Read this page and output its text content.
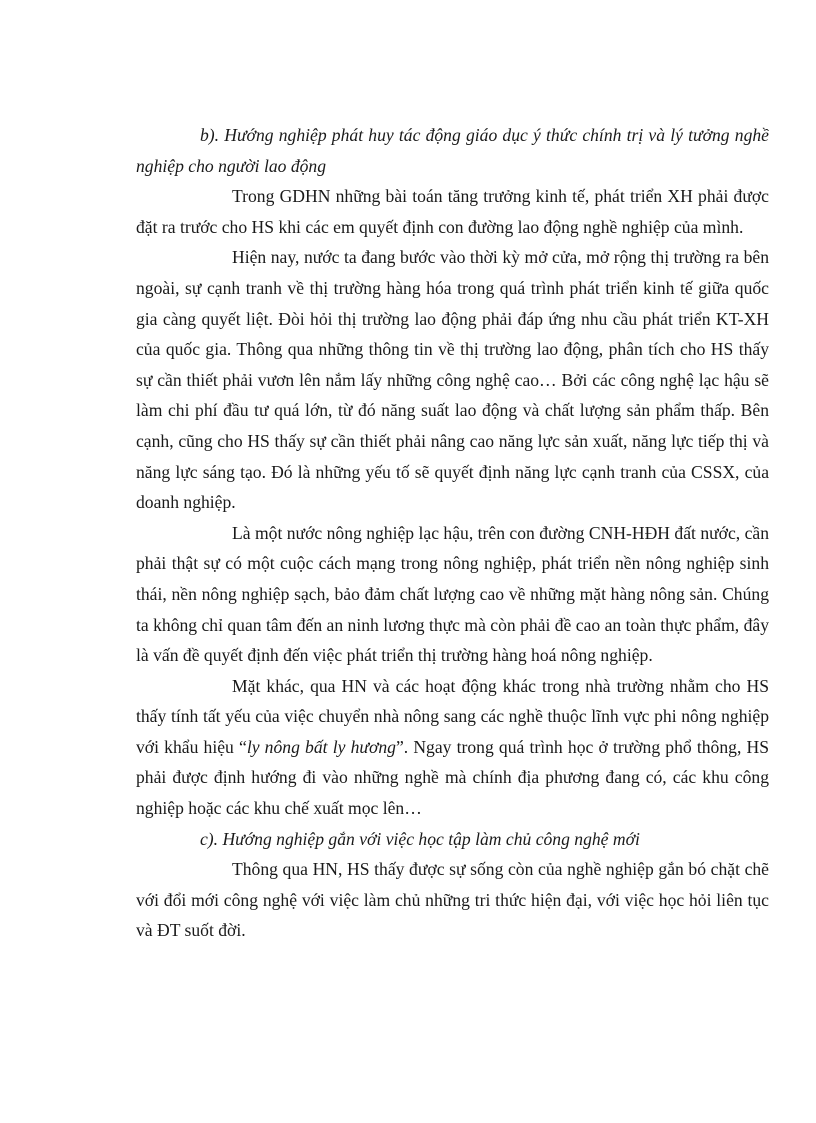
b). Hướng nghiệp phát huy tác động giáo dục ý thức chính trị và lý tưởng nghề nghiệp cho người lao động

Trong GDHN những bài toán tăng trưởng kinh tế, phát triển XH phải được đặt ra trước cho HS khi các em quyết định con đường lao động nghề nghiệp của mình.

Hiện nay, nước ta đang bước vào thời kỳ mở cửa, mở rộng thị trường ra bên ngoài, sự cạnh tranh về thị trường hàng hóa trong quá trình phát triển kinh tế giữa quốc gia càng quyết liệt. Đòi hỏi thị trường lao động phải đáp ứng nhu cầu phát triển KT-XH của quốc gia. Thông qua những thông tin về thị trường lao động, phân tích cho HS thấy sự cần thiết phải vươn lên nắm lấy những công nghệ cao… Bởi các công nghệ lạc hậu sẽ làm chi phí đầu tư quá lớn, từ đó năng suất lao động và chất lượng sản phẩm thấp. Bên cạnh, cũng cho HS thấy sự cần thiết phải nâng cao năng lực sản xuất, năng lực tiếp thị và năng lực sáng tạo. Đó là những yếu tố sẽ quyết định năng lực cạnh tranh của CSSX, của doanh nghiệp.

Là một nước nông nghiệp lạc hậu, trên con đường CNH-HĐH đất nước, cần phải thật sự có một cuộc cách mạng trong nông nghiệp, phát triển nền nông nghiệp sinh thái, nền nông nghiệp sạch, bảo đảm chất lượng cao về những mặt hàng nông sản. Chúng ta không chỉ quan tâm đến an ninh lương thực mà còn phải đề cao an toàn thực phẩm, đây là vấn đề quyết định đến việc phát triển thị trường hàng hoá nông nghiệp.

Mặt khác, qua HN và các hoạt động khác trong nhà trường nhằm cho HS thấy tính tất yếu của việc chuyển nhà nông sang các nghề thuộc lĩnh vực phi nông nghiệp với khẩu hiệu “ly nông bất ly hương”. Ngay trong quá trình học ở trường phổ thông, HS phải được định hướng đi vào những nghề mà chính địa phương đang có, các khu công nghiệp hoặc các khu chế xuất mọc lên…

c). Hướng nghiệp gắn với việc học tập làm chủ công nghệ mới

Thông qua HN, HS thấy được sự sống còn của nghề nghiệp gắn bó chặt chẽ với đổi mới công nghệ với việc làm chủ những tri thức hiện đại, với việc học hỏi liên tục và ĐT suốt đời.
